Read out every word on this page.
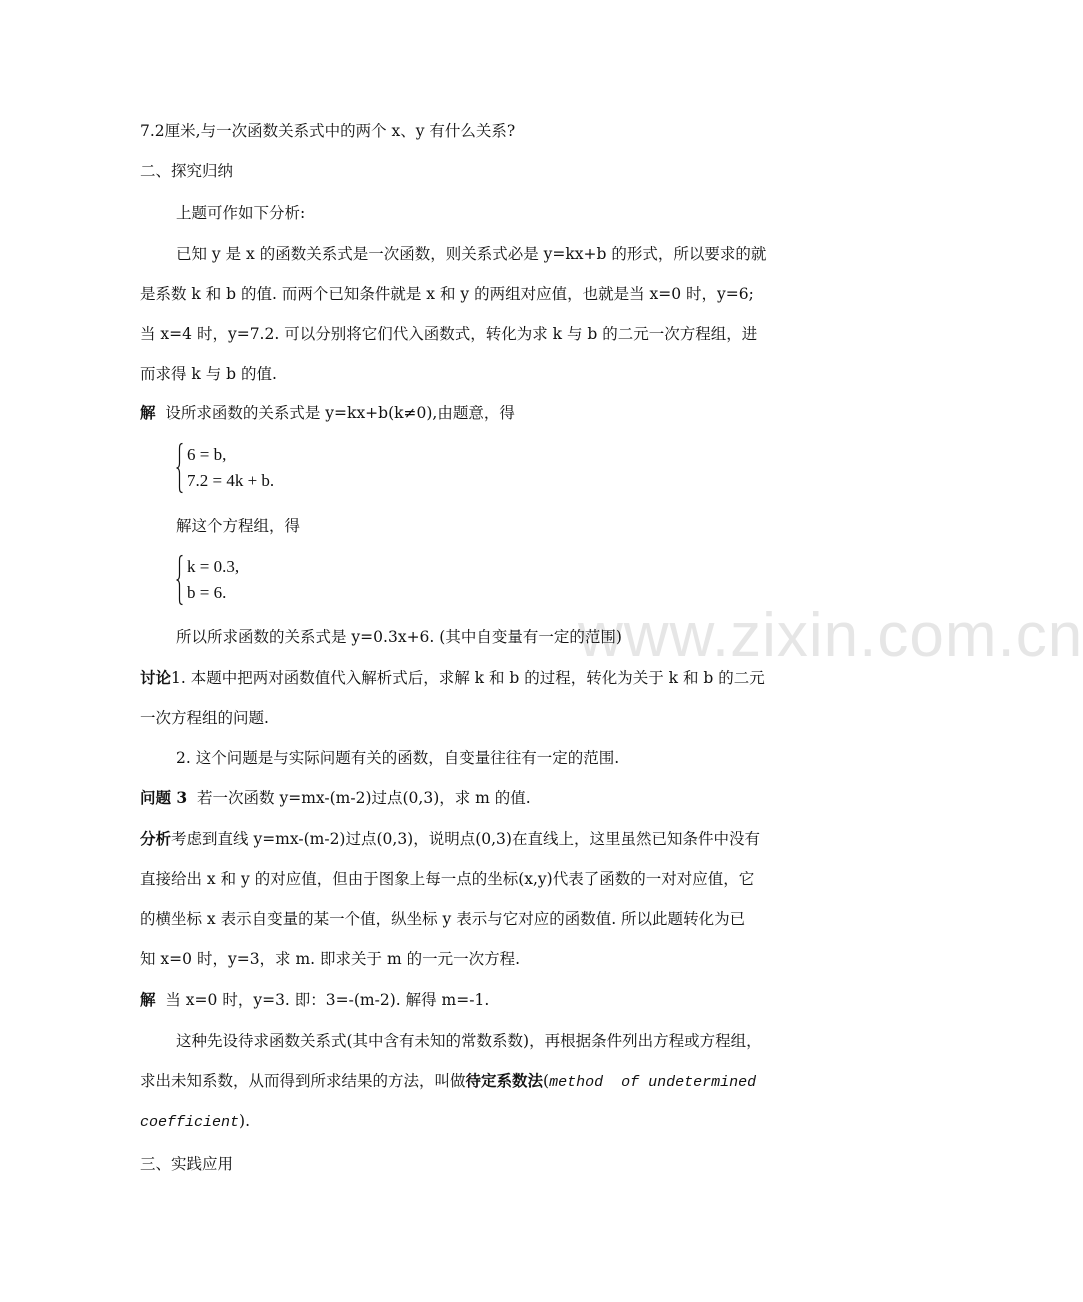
www.zixin.com.cn
7.2厘米,与一次函数关系式中的两个 x、y 有什么关系?
二、探究归纳
上题可作如下分析:
已知 y 是 x 的函数关系式是一次函数，则关系式必是 y=kx+b 的形式，所以要求的就
是系数 k 和 b 的值. 而两个已知条件就是 x 和 y 的两组对应值，也就是当 x=0 时，y=6;
当 x=4 时，y=7.2. 可以分别将它们代入函数式，转化为求 k 与 b 的二元一次方程组，进
而求得 k 与 b 的值.
解 设所求函数的关系式是 y=kx+b(k≠0),由题意，得
6 = b,
7.2 = 4k + b.
解这个方程组，得
k = 0.3,
b = 6.
所以所求函数的关系式是 y=0.3x+6. (其中自变量有一定的范围)
讨论1. 本题中把两对函数值代入解析式后，求解 k 和 b 的过程，转化为关于 k 和 b 的二元
一次方程组的问题.
2. 这个问题是与实际问题有关的函数，自变量往往有一定的范围.
问题 3 若一次函数 y=mx-(m-2)过点(0,3)，求 m 的值.
分析考虑到直线 y=mx-(m-2)过点(0,3)，说明点(0,3)在直线上，这里虽然已知条件中没有
直接给出 x 和 y 的对应值，但由于图象上每一点的坐标(x,y)代表了函数的一对对应值，它
的横坐标 x 表示自变量的某一个值，纵坐标 y 表示与它对应的函数值. 所以此题转化为已
知 x=0 时，y=3，求 m. 即求关于 m 的一元一次方程.
解 当 x=0 时，y=3. 即：3=-(m-2). 解得 m=-1.
这种先设待求函数关系式(其中含有未知的常数系数)，再根据条件列出方程或方程组，
求出未知系数，从而得到所求结果的方法，叫做待定系数法(method  of undetermined
coefficient).
三、实践应用
